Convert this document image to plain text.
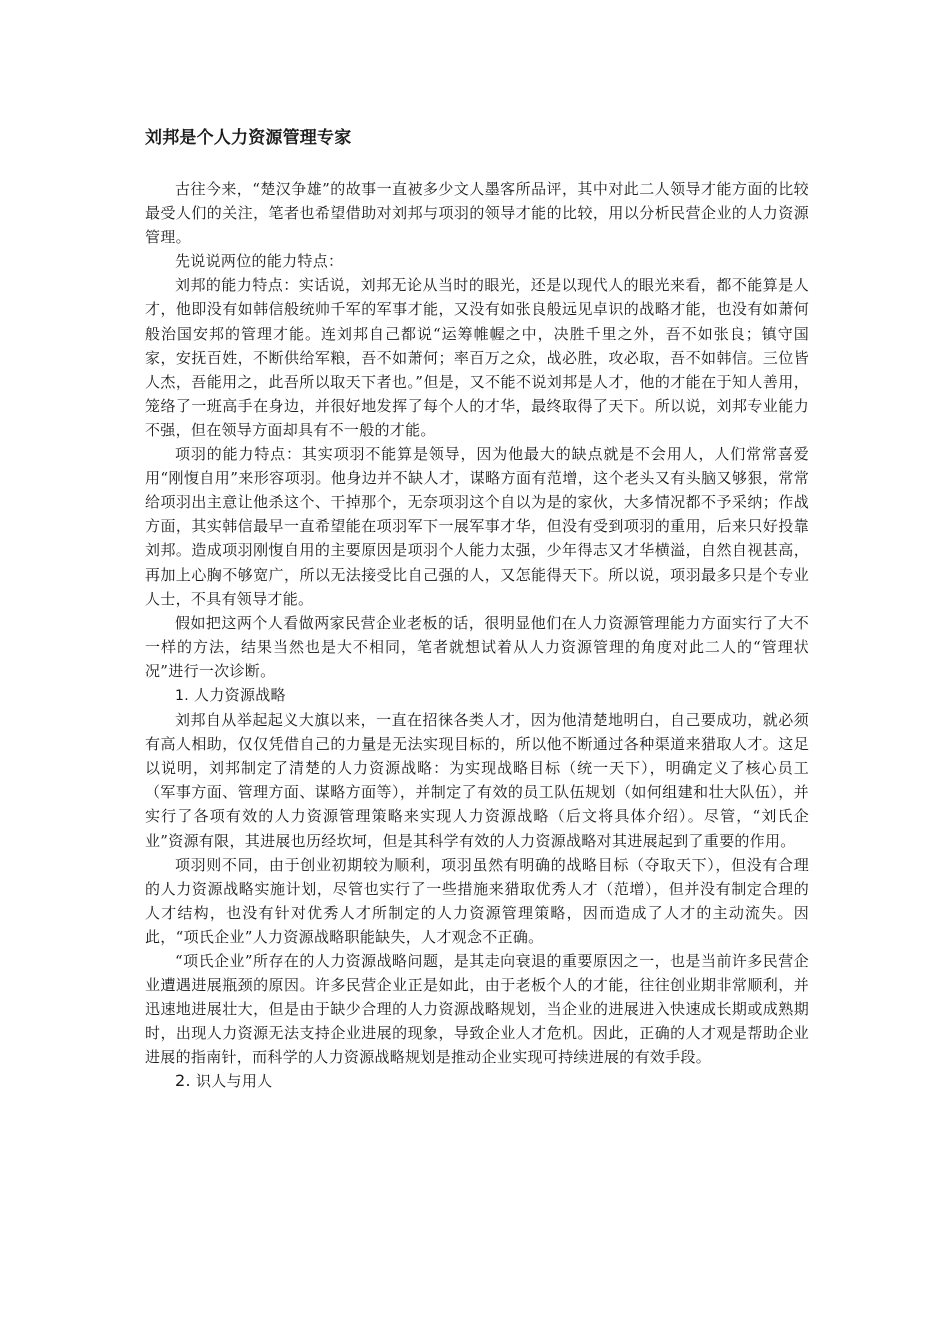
刘邦是个人力资源管理专家

古往今来，“楚汉争雄”的故事一直被多少文人墨客所品评，其中对此二人领导才能方面的比较最受人们的关注，笔者也希望借助对刘邦与项羽的领导才能的比较，用以分析民营企业的人力资源管理。

先说说两位的能力特点：

刘邦的能力特点：实话说，刘邦无论从当时的眼光，还是以现代人的眼光来看，都不能算是人才，他即没有如韩信般统帅千军的军事才能，又没有如张良般远见卓识的战略才能，也没有如萧何般治国安邦的管理才能。连刘邦自己都说“运筹帷幄之中，决胜千里之外，吾不如张良；镇守国家，安抚百姓，不断供给军粮，吾不如萧何；率百万之众，战必胜，攻必取，吾不如韩信。三位皆人杰，吾能用之，此吾所以取天下者也。”但是，又不能不说刘邦是人才，他的才能在于知人善用，笼络了一班高手在身边，并很好地发挥了每个人的才华，最终取得了天下。所以说，刘邦专业能力不强，但在领导方面却具有不一般的才能。

项羽的能力特点：其实项羽不能算是领导，因为他最大的缺点就是不会用人，人们常常喜爱用“刚愎自用”来形容项羽。他身边并不缺人才，谋略方面有范增，这个老头又有头脑又够狠，常常给项羽出主意让他杀这个、干掉那个，无奈项羽这个自以为是的家伙，大多情况都不予采纳；作战方面，其实韩信最早一直希望能在项羽军下一展军事才华，但没有受到项羽的重用，后来只好投靠刘邦。造成项羽刚愎自用的主要原因是项羽个人能力太强，少年得志又才华横溢，自然自视甚高，再加上心胸不够宽广，所以无法接受比自己强的人，又怎能得天下。所以说，项羽最多只是个专业人士，不具有领导才能。

假如把这两个人看做两家民营企业老板的话，很明显他们在人力资源管理能力方面实行了大不一样的方法，结果当然也是大不相同，笔者就想试着从人力资源管理的角度对此二人的“管理状况”进行一次诊断。

1. 人力资源战略

刘邦自从举起起义大旗以来，一直在招徕各类人才，因为他清楚地明白，自己要成功，就必须有高人相助，仅仅凭借自己的力量是无法实现目标的，所以他不断通过各种渠道来猎取人才。这足以说明，刘邦制定了清楚的人力资源战略：为实现战略目标（统一天下），明确定义了核心员工（军事方面、管理方面、谋略方面等），并制定了有效的员工队伍规划（如何组建和壮大队伍），并实行了各项有效的人力资源管理策略来实现人力资源战略（后文将具体介绍）。尽管，“刘氏企业”资源有限，其进展也历经坎坷，但是其科学有效的人力资源战略对其进展起到了重要的作用。

项羽则不同，由于创业初期较为顺利，项羽虽然有明确的战略目标（夺取天下），但没有合理的人力资源战略实施计划，尽管也实行了一些措施来猎取优秀人才（范增），但并没有制定合理的人才结构，也没有针对优秀人才所制定的人力资源管理策略，因而造成了人才的主动流失。因此，“项氏企业”人力资源战略职能缺失，人才观念不正确。

“项氏企业”所存在的人力资源战略问题，是其走向衰退的重要原因之一，也是当前许多民营企业遭遇进展瓶颈的原因。许多民营企业正是如此，由于老板个人的才能，往往创业期非常顺利，并迅速地进展壮大，但是由于缺少合理的人力资源战略规划，当企业的进展进入快速成长期或成熟期时，出现人力资源无法支持企业进展的现象，导致企业人才危机。因此，正确的人才观是帮助企业进展的指南针，而科学的人力资源战略规划是推动企业实现可持续进展的有效手段。

2. 识人与用人
